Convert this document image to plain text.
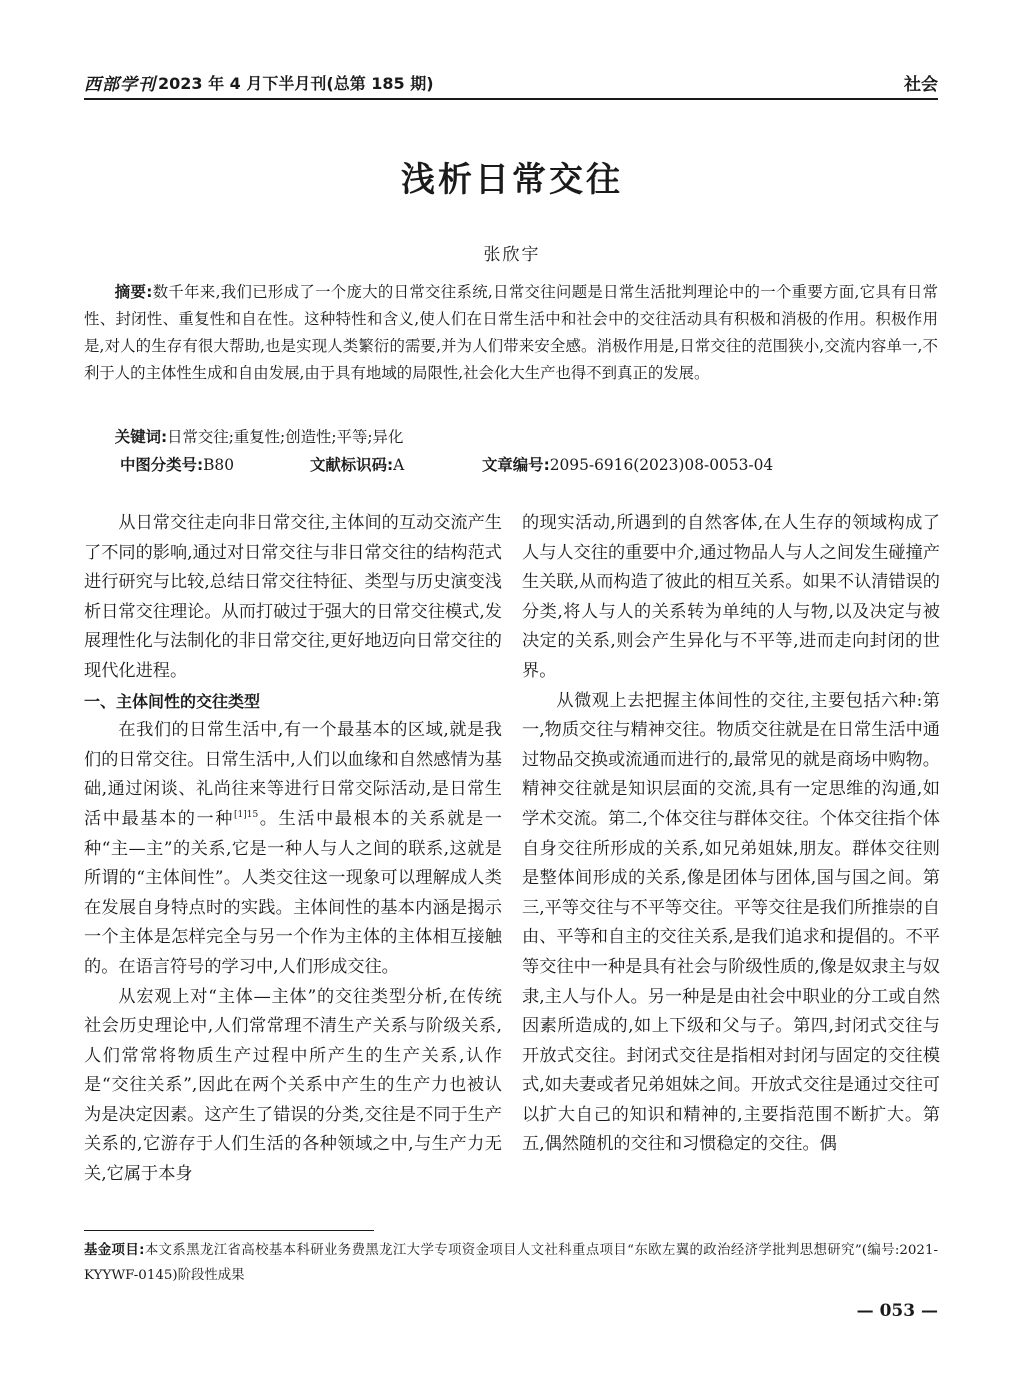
西部学刊 2023 年 4 月下半月刊(总第 185 期)	社会
浅析日常交往
张欣宇
摘要:数千年来,我们已形成了一个庞大的日常交往系统,日常交往问题是日常生活批判理论中的一个重要方面,它具有日常性、封闭性、重复性和自在性。这种特性和含义,使人们在日常生活中和社会中的交往活动具有积极和消极的作用。积极作用是,对人的生存有很大帮助,也是实现人类繁衍的需要,并为人们带来安全感。消极作用是,日常交往的范围狭小,交流内容单一,不利于人的主体性生成和自由发展,由于具有地域的局限性,社会化大生产也得不到真正的发展。
关键词:日常交往;重复性;创造性;平等;异化
中图分类号:B80	文献标识码:A	文章编号:2095-6916(2023)08-0053-04

从日常交往走向非日常交往,主体间的互动交流产生了不同的影响,通过对日常交往与非日常交往的结构范式进行研究与比较,总结日常交往特征、类型与历史演变浅析日常交往理论。从而打破过于强大的日常交往模式,发展理性化与法制化的非日常交往,更好地迈向日常交往的现代化进程。

一、主体间性的交往类型

在我们的日常生活中,有一个最基本的区域,就是我们的日常交往。日常生活中,人们以血缘和自然感情为基础,通过闲谈、礼尚往来等进行日常交际活动,是日常生活中最基本的一种$^{[1]15}$。生活中最根本的关系就是一种“主—主”的关系,它是一种人与人之间的联系,这就是所谓的“主体间性”。人类交往这一现象可以理解成人类在发展自身特点时的实践。主体间性的基本内涵是揭示一个主体是怎样完全与另一个作为主体的主体相互接触的。在语言符号的学习中,人们形成交往。

从宏观上对“主体—主体”的交往类型分析,在传统社会历史理论中,人们常常理不清生产关系与阶级关系,人们常常将物质生产过程中所产生的生产关系,认作是“交往关系”,因此在两个关系中产生的生产力也被认为是决定因素。这产生了错误的分类,交往是不同于生产关系的,它游存于人们生活的各种领域之中,与生产力无关,它属于本身

的现实活动,所遇到的自然客体,在人生存的领域构成了人与人交往的重要中介,通过物品人与人之间发生碰撞产生关联,从而构造了彼此的相互关系。如果不认清错误的分类,将人与人的关系转为单纯的人与物,以及决定与被决定的关系,则会产生异化与不平等,进而走向封闭的世界。

从微观上去把握主体间性的交往,主要包括六种:第一,物质交往与精神交往。物质交往就是在日常生活中通过物品交换或流通而进行的,最常见的就是商场中购物。精神交往就是知识层面的交流,具有一定思维的沟通,如学术交流。第二,个体交往与群体交往。个体交往指个体自身交往所形成的关系,如兄弟姐妹,朋友。群体交往则是整体间形成的关系,像是团体与团体,国与国之间。第三,平等交往与不平等交往。平等交往是我们所推崇的自由、平等和自主的交往关系,是我们追求和提倡的。不平等交往中一种是具有社会与阶级性质的,像是奴隶主与奴隶,主人与仆人。另一种是是由社会中职业的分工或自然因素所造成的,如上下级和父与子。第四,封闭式交往与开放式交往。封闭式交往是指相对封闭与固定的交往模式,如夫妻或者兄弟姐妹之间。开放式交往是通过交往可以扩大自己的知识和精神的,主要指范围不断扩大。第五,偶然随机的交往和习惯稳定的交往。偶

基金项目:本文系黑龙江省高校基本科研业务费黑龙江大学专项资金项目人文社科重点项目“东欧左翼的政治经济学批判思想研究”(编号:2021-KYYWF-0145)阶段性成果
— 053 —
